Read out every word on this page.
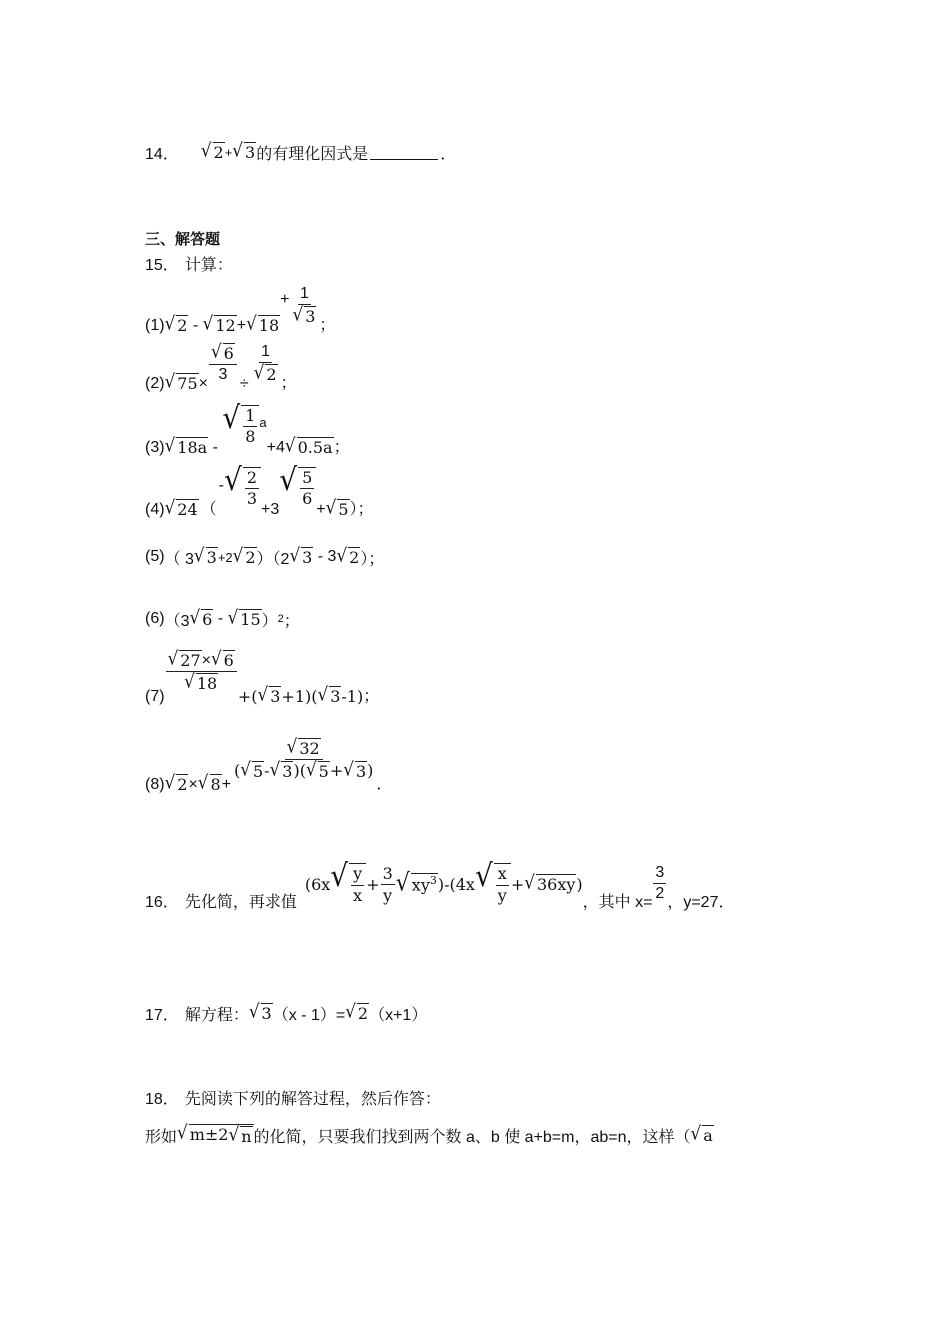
14． √ 2 + √ 3 的有理化因式是	．
三、解答题
15． 计算：
(1) √ 2 - √ 12 + √ 18
+ $\frac{1}{√ 3}$ ；
(2) √ $75 \times \frac{√ 6}{3} \div \frac{1}{√ 2}$ ；
(3) √ 18a -
√ $\frac{1}{8}$ a
+4 √ 0.5a ；
(4) √ 24 （
- √ $\frac{2}{3}$
+3
√ $\frac{5}{6}$
+ √ 5 ）；
(5) （ 3 √ 3 +2 √ 2 ）（2 √ 3 - 3 √ 2 ）；
(6) （3 √ 6 - √ 15 ） 2 ；
(7)
$\frac{√ 27 \times √ 6}{√ 18}$
+( √ 3 +1)( √ 3 -1) ；
(8) √ 2 × √ 8 +
$\frac{√ 32}{( √ 5 - √ 3 )( √ 5 + √ 3 )}$
．
16． 先化简，再求值
(6x √ $\frac{y}{x} + \frac{3}{y}$ √ $xy^3$ )-(4x √ $\frac{x}{y}$ + √ 36xy )
，其中 $x= \frac{3}{2}$ ，y=27．
17． 解方程： √ 3 （x - 1）= √ 2 （x+1）
18． 先阅读下列的解答过程，然后作答：
形如 √ m±2 √ n 的化简，只要我们找到两个数 a、b 使 a+b=m，ab=n，这样（ √ a
